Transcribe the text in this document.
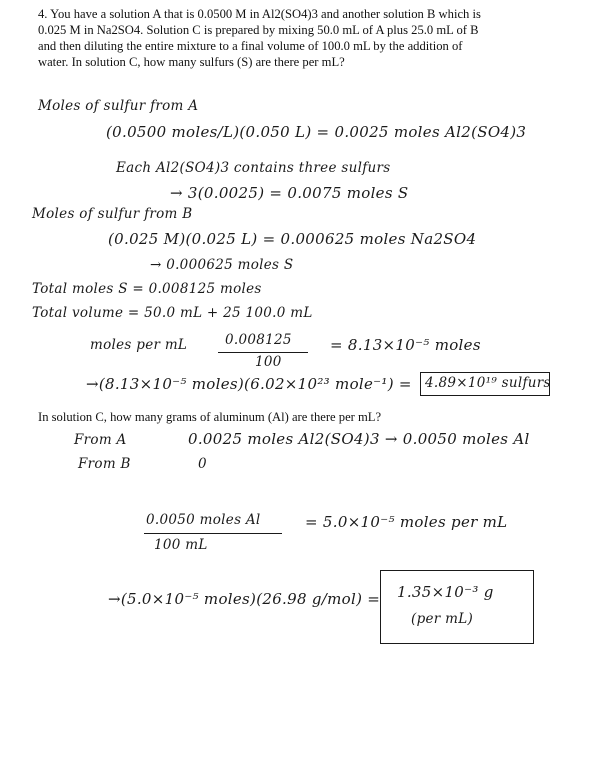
4. You have a solution A that is 0.0500 M in Al2(SO4)3 and another solution B which is
0.025 M in Na2SO4. Solution C is prepared by mixing 50.0 mL of A plus 25.0 mL of B
and then diluting the entire mixture to a final volume of 100.0 mL by the addition of
water. In solution C, how many sulfurs (S) are there per mL?
Moles of sulfur from A
(0.0500 moles/L)(0.050 L) = 0.0025 moles Al2(SO4)3
Each Al2(SO4)3 contains three sulfurs
→ 3(0.0025) = 0.0075 moles S
Moles of sulfur from B
(0.025 M)(0.025 L) = 0.000625 moles Na2SO4
→ 0.000625 moles S
Total moles S = 0.008125 moles
Total volume = 50.0 mL + 25 100.0 mL
moles per mL	0.008125
100
= 8.13×10⁻⁵ moles
→(8.13×10⁻⁵ moles)(6.02×10²³ mole⁻¹) = 4.89×10¹⁹ sulfurs
In solution C, how many grams of aluminum (Al) are there per mL?
From A	0.0025 moles Al2(SO4)3 → 0.0050 moles Al
From B	0
0.0050 moles Al
100 mL
= 5.0×10⁻⁵ moles per mL
→(5.0×10⁻⁵ moles)(26.98 g/mol) = 1.35×10⁻³ g
(per mL)
